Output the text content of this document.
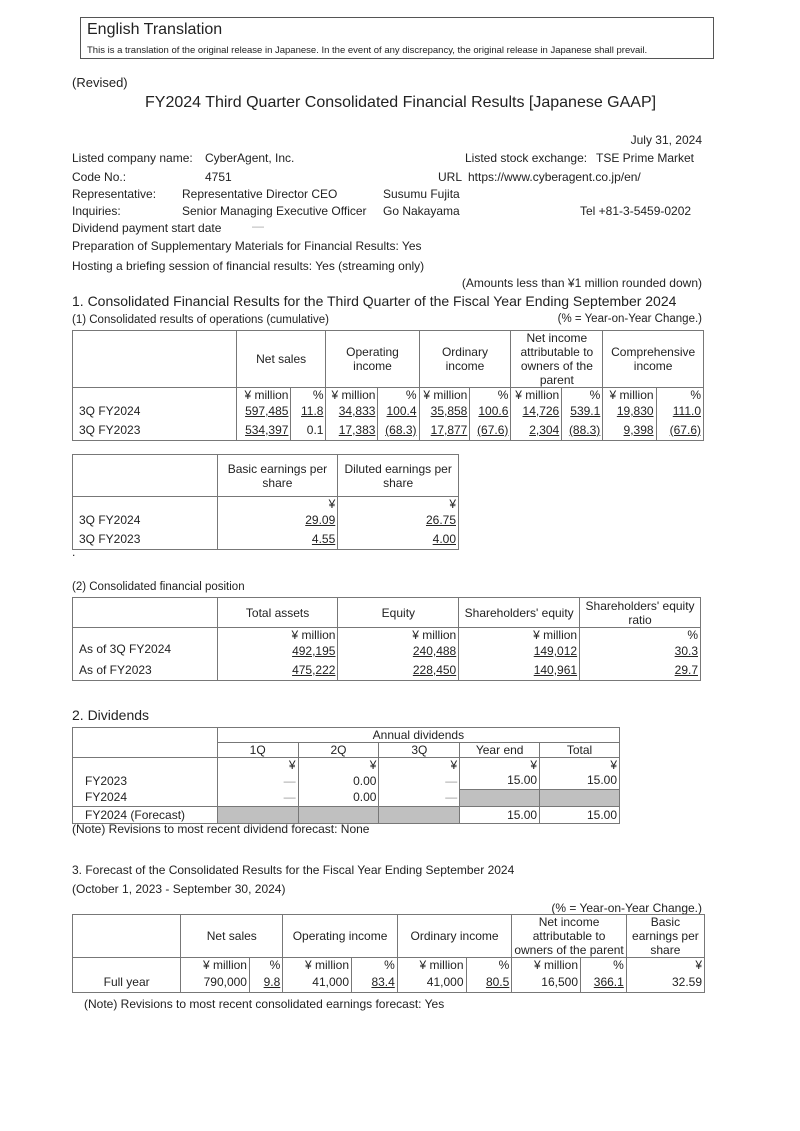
English Translation
This is a translation of the original release in Japanese. In the event of any discrepancy, the original release in Japanese shall prevail.
(Revised)
FY2024 Third Quarter Consolidated Financial Results [Japanese GAAP]
July 31, 2024
Listed company name: CyberAgent, Inc.	Listed stock exchange: TSE Prime Market
Code No.:	4751	URL https://www.cyberagent.co.jp/en/
Representative: Representative Director CEO	Susumu Fujita
Inquiries:	Senior Managing Executive Officer Go Nakayama	Tel +81-3-5459-0202
Dividend payment start date	—
Preparation of Supplementary Materials for Financial Results: Yes
Hosting a briefing session of financial results: Yes (streaming only)
(Amounts less than ¥1 million rounded down)
1. Consolidated Financial Results for the Third Quarter of the Fiscal Year Ending September 2024
(1) Consolidated results of operations (cumulative)	(% = Year-on-Year Change.)
	Net sales		Operating income		Ordinary income		Net income attributable to owners of the parent		Comprehensive income	
	¥ million	%	¥ million	%	¥ million	%	¥ million	%	¥ million	%
3Q FY2024	597,485	11.8	34,833	100.4	35,858	100.6	14,726	539.1	19,830	111.0
3Q FY2023	534,397	0.1	17,383	(68.3)	17,877	(67.6)	2,304	(88.3)	9,398	(67.6)
	Basic earnings per share	Diluted earnings per share
	¥	¥
3Q FY2024	29.09	26.75
3Q FY2023	4.55	4.00
.
(2) Consolidated financial position
	Total assets	Equity	Shareholders' equity	Shareholders' equity ratio
	¥ million	¥ million	¥ million	%
As of 3Q FY2024	492,195	240,488	149,012	30.3
As of FY2023	475,222	228,450	140,961	29.7
2. Dividends
	Annual dividends				
	1Q	2Q	3Q	Year end	Total
	¥	¥	¥	¥	¥
FY2023	—	0.00	—	15.00	15.00
FY2024	—	0.00	—		
FY2024 (Forecast)				15.00	15.00
(Note) Revisions to most recent dividend forecast: None
3. Forecast of the Consolidated Results for the Fiscal Year Ending September 2024
(October 1, 2023 - September 30, 2024)
(% = Year-on-Year Change.)
	Net sales		Operating income		Ordinary income		Net income attributable to owners of the parent		Basic earnings per share
	¥ million	%	¥ million	%	¥ million	%	¥ million	%	¥
Full year	790,000	9.8	41,000	83.4	41,000	80.5	16,500	366.1	32.59
(Note) Revisions to most recent consolidated earnings forecast: Yes
